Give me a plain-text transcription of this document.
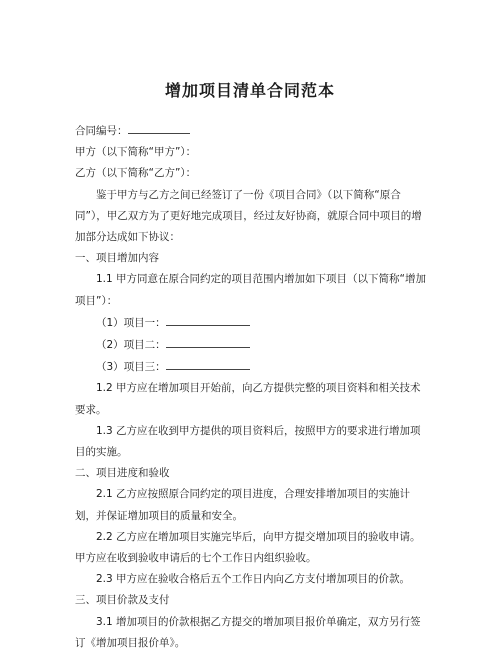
增加项目清单合同范本

合同编号：

甲方（以下简称“甲方”）：

乙方（以下简称“乙方”）：

鉴于甲方与乙方之间已经签订了一份《项目合同》（以下简称“原合同”），甲乙双方为了更好地完成项目，经过友好协商，就原合同中项目的增加部分达成如下协议：

一、项目增加内容

1.1 甲方同意在原合同约定的项目范围内增加如下项目（以下简称“增加项目”）：

（1）项目一：

（2）项目二：

（3）项目三：

1.2 甲方应在增加项目开始前，向乙方提供完整的项目资料和相关技术要求。

1.3 乙方应在收到甲方提供的项目资料后，按照甲方的要求进行增加项目的实施。

二、项目进度和验收

2.1 乙方应按照原合同约定的项目进度，合理安排增加项目的实施计划，并保证增加项目的质量和安全。

2.2 乙方应在增加项目实施完毕后，向甲方提交增加项目的验收申请。甲方应在收到验收申请后的七个工作日内组织验收。

2.3 甲方应在验收合格后五个工作日内向乙方支付增加项目的价款。

三、项目价款及支付

3.1 增加项目的价款根据乙方提交的增加项目报价单确定，双方另行签订《增加项目报价单》。
